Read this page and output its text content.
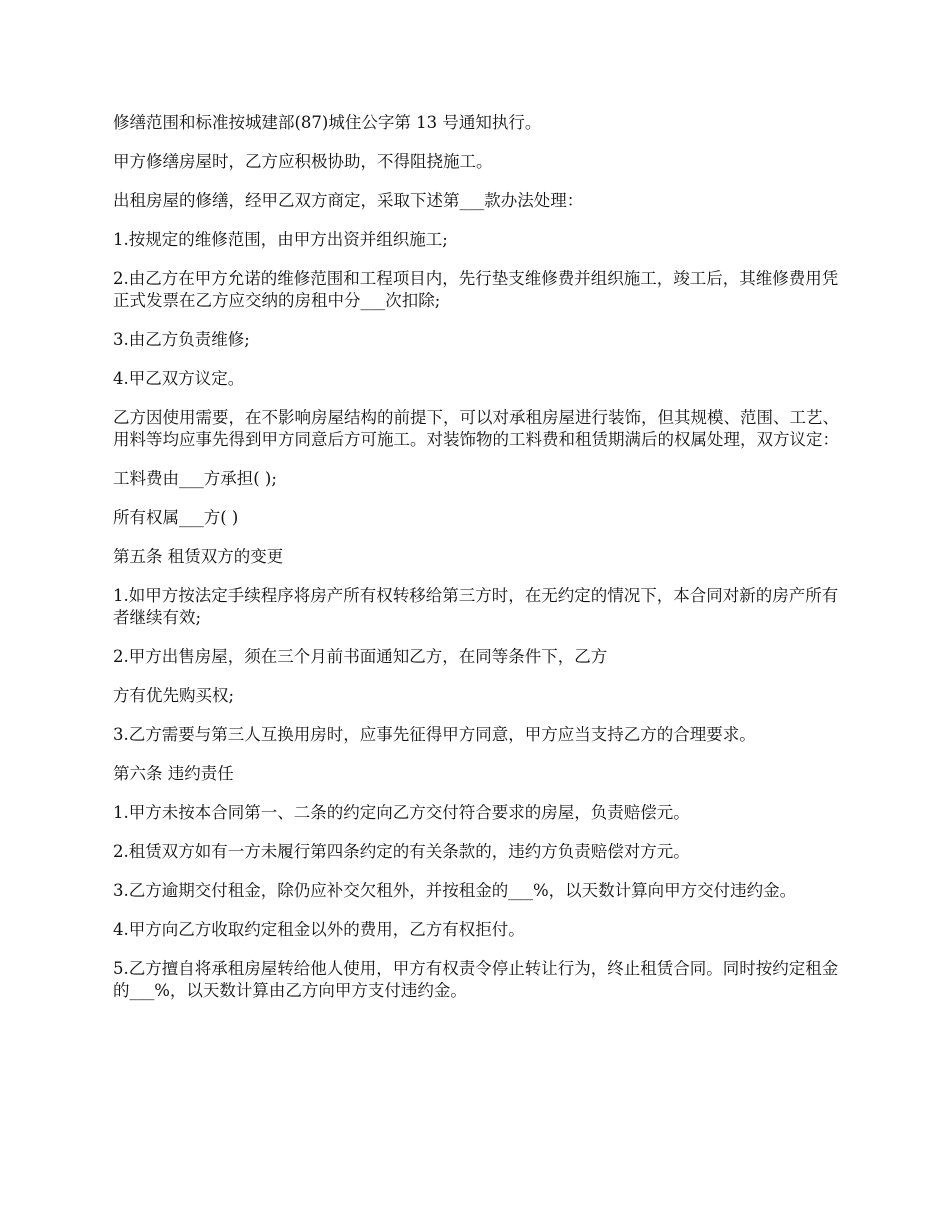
修缮范围和标准按城建部(87)城住公字第 13 号通知执行。

甲方修缮房屋时，乙方应积极协助，不得阻挠施工。

出租房屋的修缮，经甲乙双方商定，采取下述第___款办法处理：

1.按规定的维修范围，由甲方出资并组织施工;

2.由乙方在甲方允诺的维修范围和工程项目内，先行垫支维修费并组织施工，竣工后，其维修费用凭正式发票在乙方应交纳的房租中分___次扣除;

3.由乙方负责维修;

4.甲乙双方议定。

乙方因使用需要，在不影响房屋结构的前提下，可以对承租房屋进行装饰，但其规模、范围、工艺、用料等均应事先得到甲方同意后方可施工。对装饰物的工料费和租赁期满后的权属处理，双方议定：

工料费由___方承担( );

所有权属___方( )

第五条 租赁双方的变更

1.如甲方按法定手续程序将房产所有权转移给第三方时，在无约定的情况下，本合同对新的房产所有者继续有效;

2.甲方出售房屋，须在三个月前书面通知乙方，在同等条件下，乙方

方有优先购买权;

3.乙方需要与第三人互换用房时，应事先征得甲方同意，甲方应当支持乙方的合理要求。

第六条 违约责任

1.甲方未按本合同第一、二条的约定向乙方交付符合要求的房屋，负责赔偿元。

2.租赁双方如有一方未履行第四条约定的有关条款的，违约方负责赔偿对方元。

3.乙方逾期交付租金，除仍应补交欠租外，并按租金的___%，以天数计算向甲方交付违约金。

4.甲方向乙方收取约定租金以外的费用，乙方有权拒付。

5.乙方擅自将承租房屋转给他人使用，甲方有权责令停止转让行为，终止租赁合同。同时按约定租金的___%，以天数计算由乙方向甲方支付违约金。
